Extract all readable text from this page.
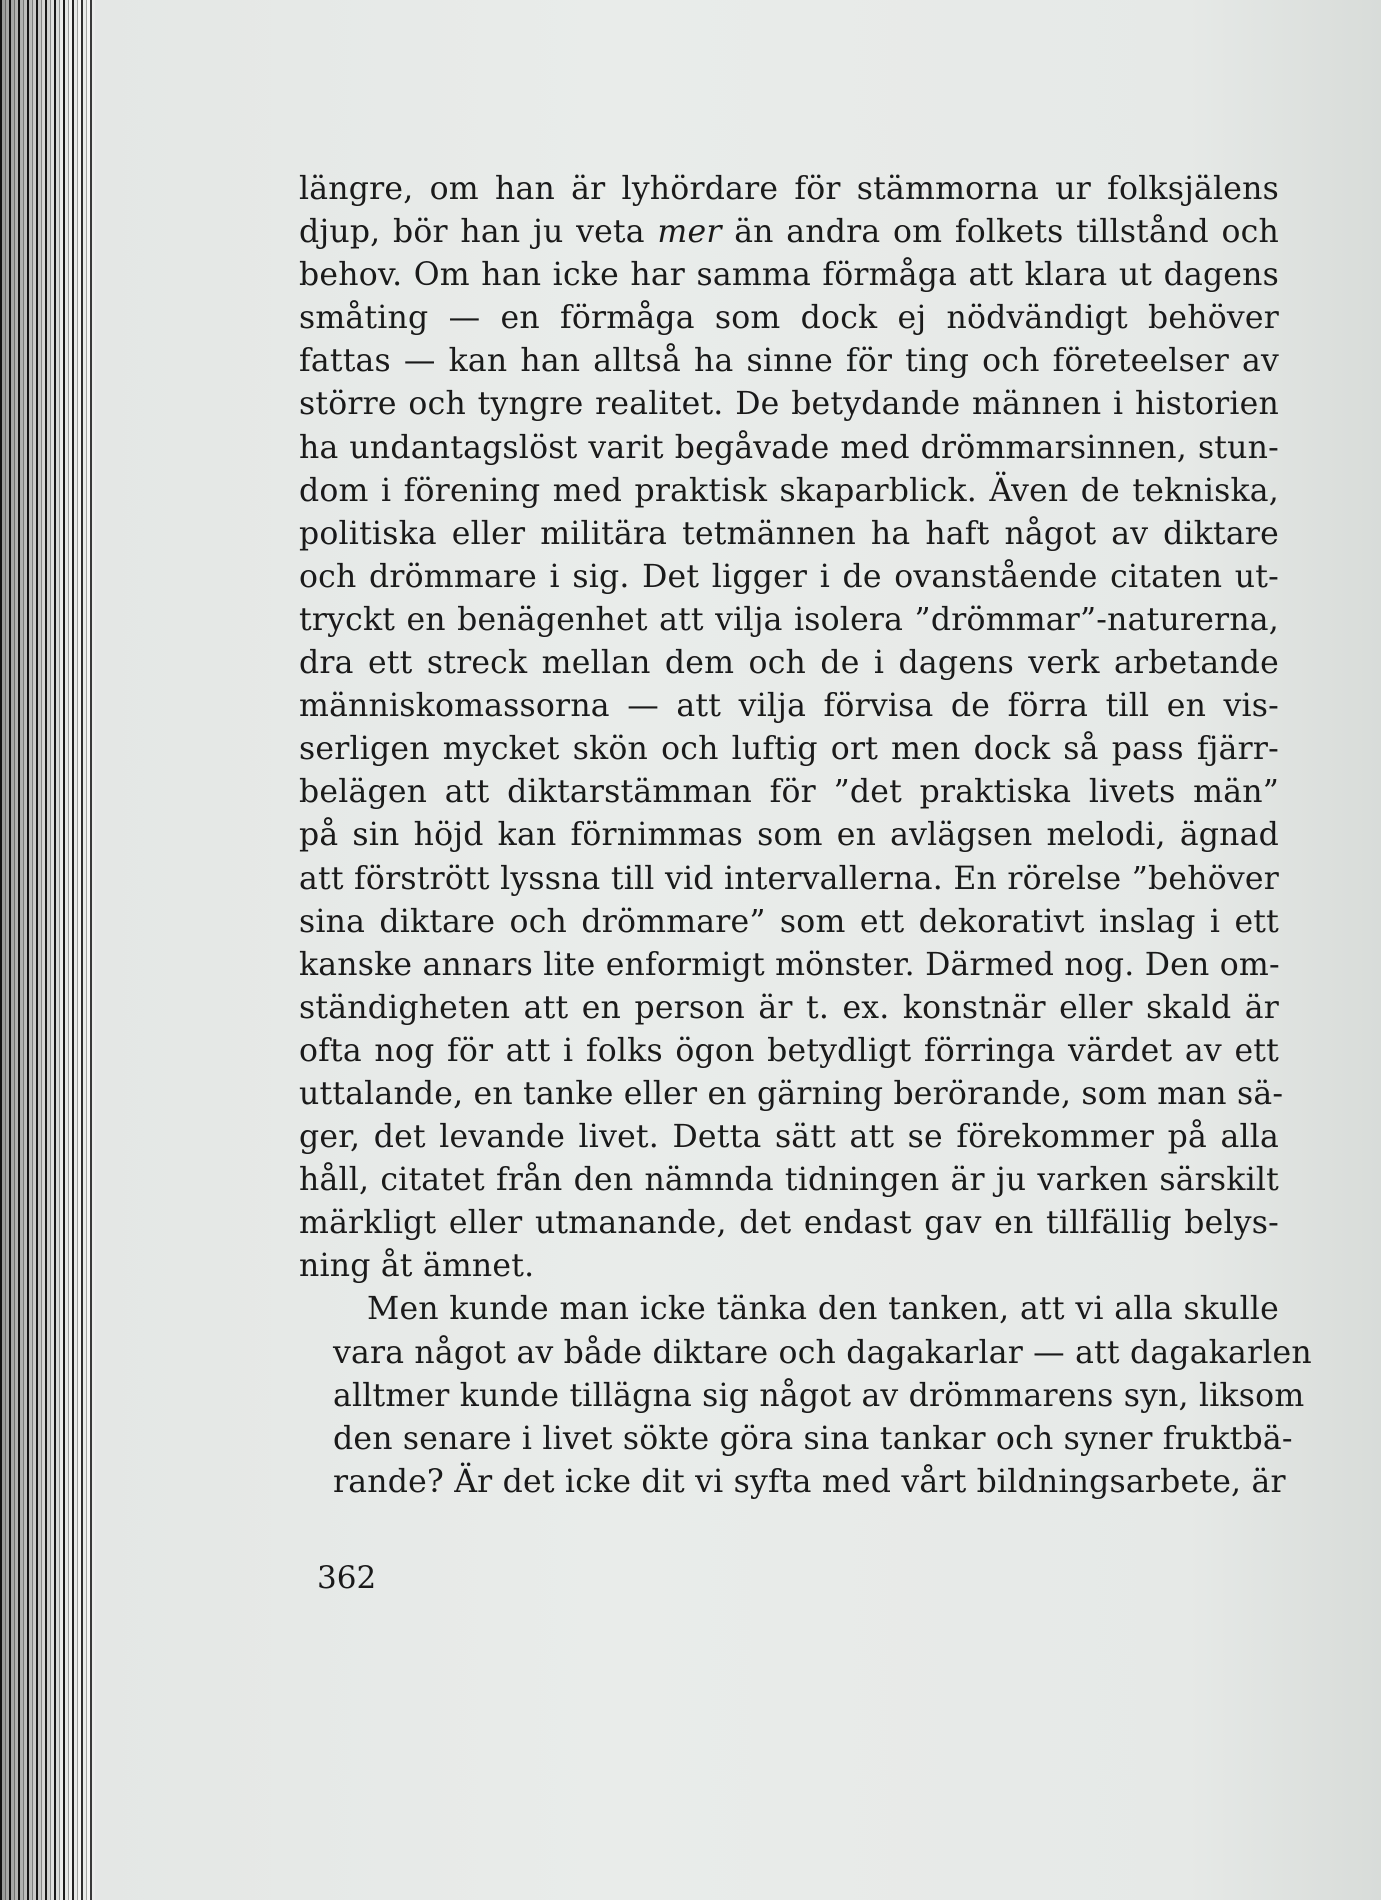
längre, om han är lyhördare för stämmorna ur folksjälens
djup, bör han ju veta mer än andra om folkets tillstånd och
behov. Om han icke har samma förmåga att klara ut dagens
småting — en förmåga som dock ej nödvändigt behöver
fattas — kan han alltså ha sinne för ting och företeelser av
större och tyngre realitet. De betydande männen i historien
ha undantagslöst varit begåvade med drömmarsinnen, stun-
dom i förening med praktisk skaparblick. Även de tekniska,
politiska eller militära tetmännen ha haft något av diktare
och drömmare i sig. Det ligger i de ovanstående citaten ut-
tryckt en benägenhet att vilja isolera ”drömmar”-naturerna,
dra ett streck mellan dem och de i dagens verk arbetande
människomassorna — att vilja förvisa de förra till en vis-
serligen mycket skön och luftig ort men dock så pass fjärr-
belägen att diktarstämman för ”det praktiska livets män”
på sin höjd kan förnimmas som en avlägsen melodi, ägnad
att förstrött lyssna till vid intervallerna. En rörelse ”behöver
sina diktare och drömmare” som ett dekorativt inslag i ett
kanske annars lite enformigt mönster. Därmed nog. Den om-
ständigheten att en person är t. ex. konstnär eller skald är
ofta nog för att i folks ögon betydligt förringa värdet av ett
uttalande, en tanke eller en gärning berörande, som man sä-
ger, det levande livet. Detta sätt att se förekommer på alla
håll, citatet från den nämnda tidningen är ju varken särskilt
märkligt eller utmanande, det endast gav en tillfällig belys-
ning åt ämnet.

Men kunde man icke tänka den tanken, att vi alla skulle
vara något av både diktare och dagakarlar — att dagakarlen
alltmer kunde tillägna sig något av drömmarens syn, liksom
den senare i livet sökte göra sina tankar och syner fruktbä-
rande? Är det icke dit vi syfta med vårt bildningsarbete, är

362
